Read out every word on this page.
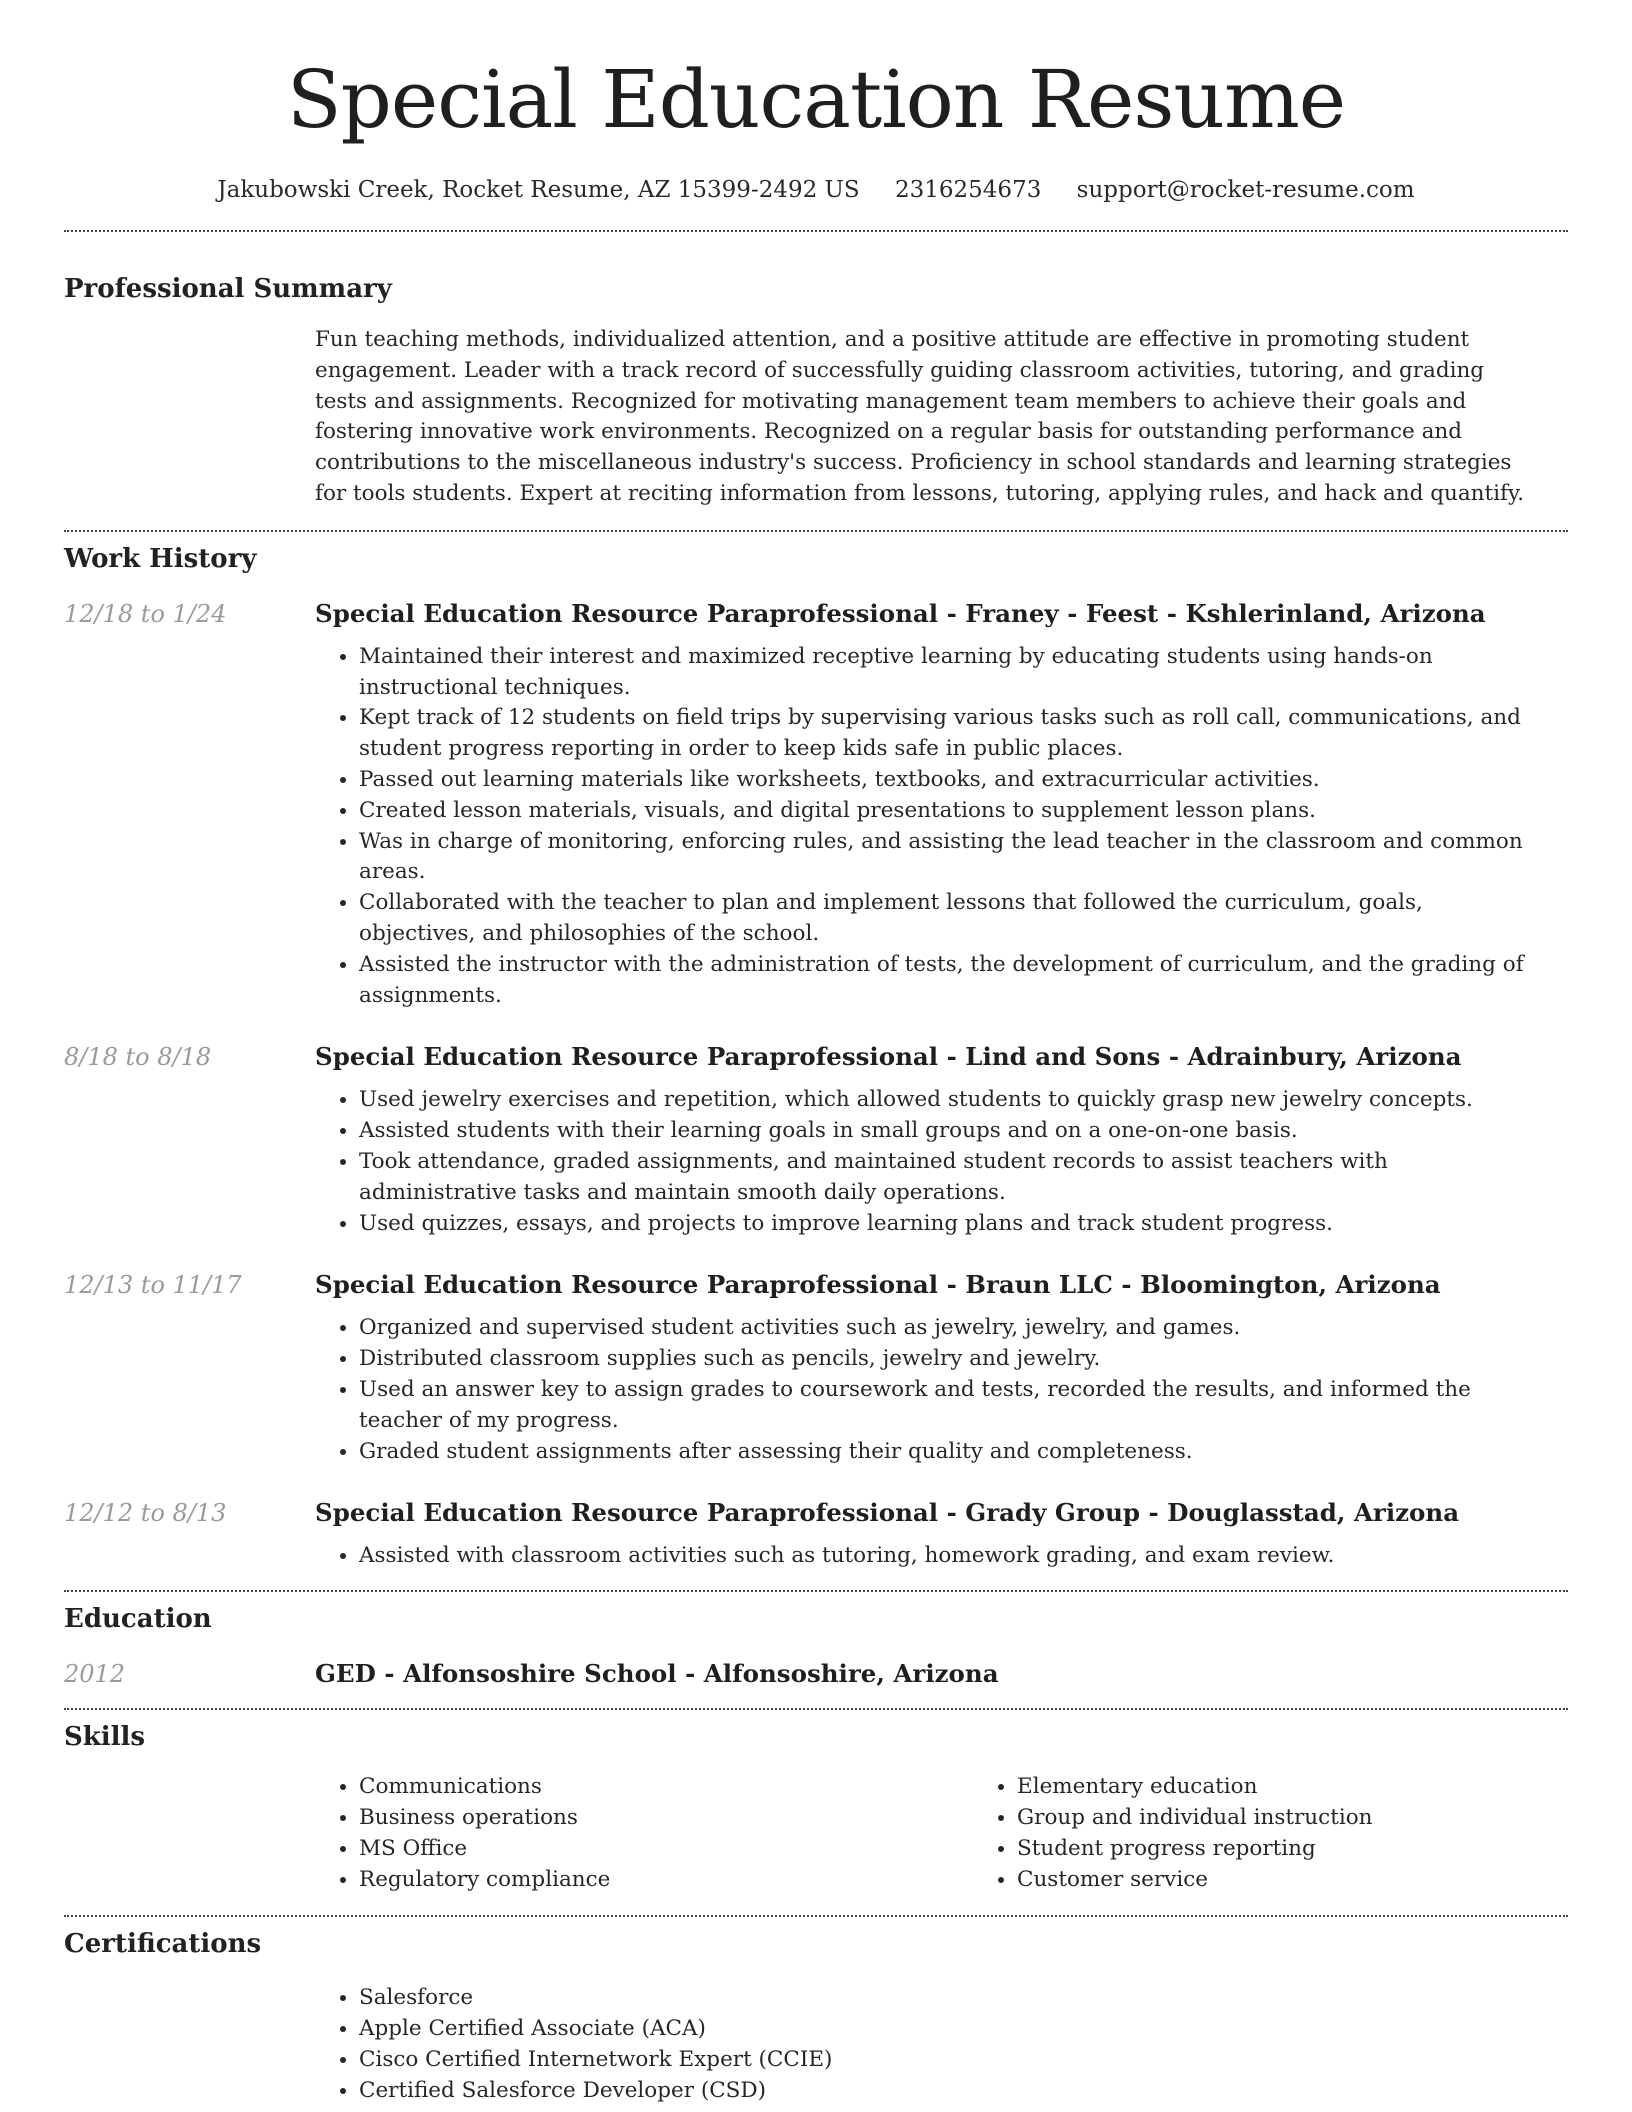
Special Education Resume
Jakubowski Creek, Rocket Resume, AZ 15399-2492 US 2316254673 support@rocket-resume.com
Professional Summary

Fun teaching methods, individualized attention, and a positive attitude are effective in promoting student engagement. Leader with a track record of successfully guiding classroom activities, tutoring, and grading tests and assignments. Recognized for motivating management team members to achieve their goals and fostering innovative work environments. Recognized on a regular basis for outstanding performance and contributions to the miscellaneous industry's success. Proficiency in school standards and learning strategies for tools students. Expert at reciting information from lessons, tutoring, applying rules, and hack and quantify.

Work History
12/18 to 1/24	Special Education Resource Paraprofessional - Franey - Feest - Kshlerinland, Arizona
• Maintained their interest and maximized receptive learning by educating students using hands-on instructional techniques.
• Kept track of 12 students on field trips by supervising various tasks such as roll call, communications, and student progress reporting in order to keep kids safe in public places.
• Passed out learning materials like worksheets, textbooks, and extracurricular activities.
• Created lesson materials, visuals, and digital presentations to supplement lesson plans.
• Was in charge of monitoring, enforcing rules, and assisting the lead teacher in the classroom and common areas.
• Collaborated with the teacher to plan and implement lessons that followed the curriculum, goals, objectives, and philosophies of the school.
• Assisted the instructor with the administration of tests, the development of curriculum, and the grading of assignments.
8/18 to 8/18	Special Education Resource Paraprofessional - Lind and Sons - Adrainbury, Arizona
• Used jewelry exercises and repetition, which allowed students to quickly grasp new jewelry concepts.
• Assisted students with their learning goals in small groups and on a one-on-one basis.
• Took attendance, graded assignments, and maintained student records to assist teachers with administrative tasks and maintain smooth daily operations.
• Used quizzes, essays, and projects to improve learning plans and track student progress.
12/13 to 11/17	Special Education Resource Paraprofessional - Braun LLC - Bloomington, Arizona
• Organized and supervised student activities such as jewelry, jewelry, and games.
• Distributed classroom supplies such as pencils, jewelry and jewelry.
• Used an answer key to assign grades to coursework and tests, recorded the results, and informed the teacher of my progress.
• Graded student assignments after assessing their quality and completeness.
12/12 to 8/13	Special Education Resource Paraprofessional - Grady Group - Douglasstad, Arizona
• Assisted with classroom activities such as tutoring, homework grading, and exam review.
Education
2012	GED - Alfonsoshire School - Alfonsoshire, Arizona
Skills
• Communications
• Business operations
• MS Office
• Regulatory compliance
• Elementary education
• Group and individual instruction
• Student progress reporting
• Customer service
Certifications
• Salesforce
• Apple Certified Associate (ACA)
• Cisco Certified Internetwork Expert (CCIE)
• Certified Salesforce Developer (CSD)
